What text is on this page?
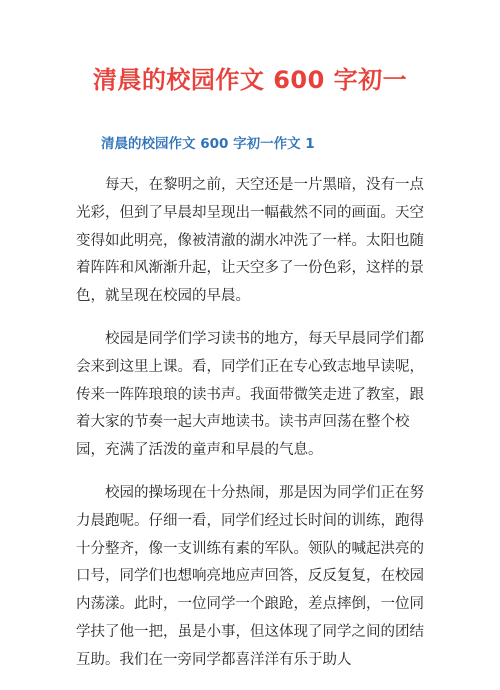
清晨的校园作文 600 字初一
清晨的校园作文 600 字初一作文 1

每天，在黎明之前，天空还是一片黑暗，没有一点光彩，但到了早晨却呈现出一幅截然不同的画面。天空变得如此明亮，像被清澈的湖水冲洗了一样。太阳也随着阵阵和风渐渐升起，让天空多了一份色彩，这样的景色，就呈现在校园的早晨。

校园是同学们学习读书的地方，每天早晨同学们都会来到这里上课。看，同学们正在专心致志地早读呢，传来一阵阵琅琅的读书声。我面带微笑走进了教室，跟着大家的节奏一起大声地读书。读书声回荡在整个校园，充满了活泼的童声和早晨的气息。

校园的操场现在十分热闹，那是因为同学们正在努力晨跑呢。仔细一看，同学们经过长时间的训练，跑得十分整齐，像一支训练有素的军队。领队的喊起洪亮的口号，同学们也想响亮地应声回答，反反复复，在校园内荡漾。此时，一位同学一个踉跄，差点摔倒，一位同学扶了他一把，虽是小事，但这体现了同学之间的团结互助。我们在一旁同学都喜洋洋有乐于助人
